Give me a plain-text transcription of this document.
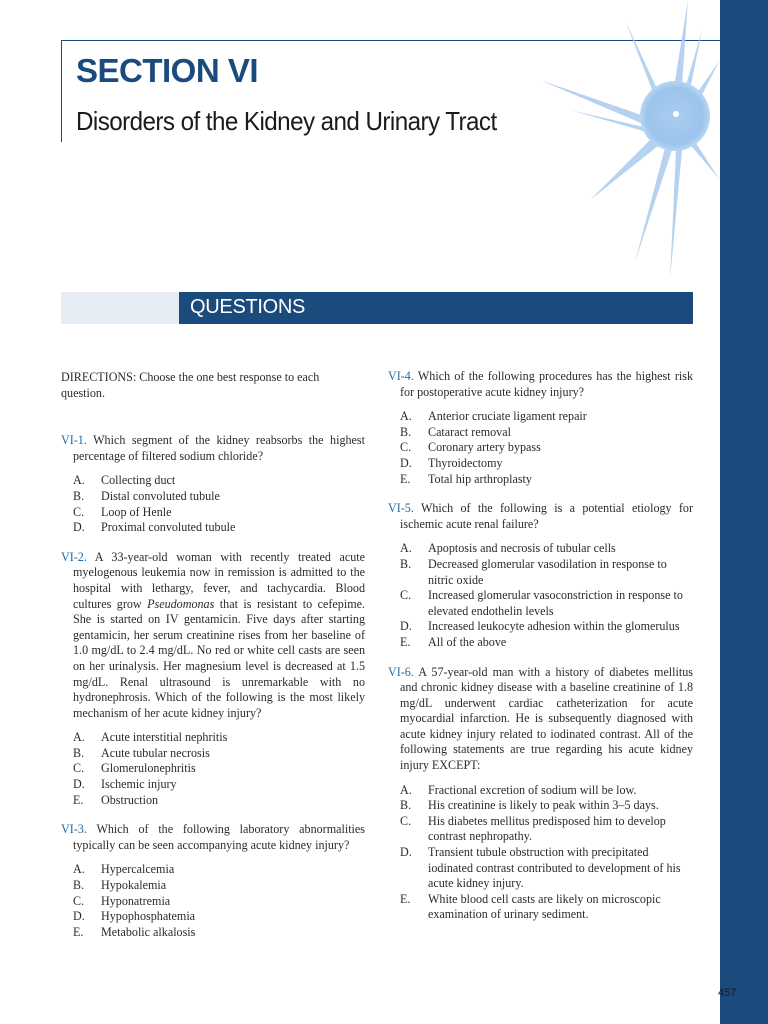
SECTION VI
Disorders of the Kidney and Urinary Tract
QUESTIONS

DIRECTIONS: Choose the one best response to each question.

VI-1. Which segment of the kidney reabsorbs the highest percentage of filtered sodium chloride?

A.	Collecting duct
B.	Distal convoluted tubule
C.	Loop of Henle
D.	Proximal convoluted tubule

VI-2. A 33-year-old woman with recently treated acute myelogenous leukemia now in remission is admitted to the hospital with lethargy, fever, and tachycardia. Blood cultures grow Pseudomonas that is resistant to cefepime. She is started on IV gentamicin. Five days after starting gentamicin, her serum creatinine rises from her baseline of 1.0 mg/dL to 2.4 mg/dL. No red or white cell casts are seen on her urinalysis. Her magnesium level is decreased at 1.5 mg/dL. Renal ultrasound is unremarkable with no hydronephrosis. Which of the following is the most likely mechanism of her acute kidney injury?

A.	Acute interstitial nephritis
B.	Acute tubular necrosis
C.	Glomerulonephritis
D.	Ischemic injury
E.	Obstruction

VI-3. Which of the following laboratory abnormalities typically can be seen accompanying acute kidney injury?

A.	Hypercalcemia
B.	Hypokalemia
C.	Hyponatremia
D.	Hypophosphatemia
E.	Metabolic alkalosis

VI-4. Which of the following procedures has the highest risk for postoperative acute kidney injury?

A.	Anterior cruciate ligament repair
B.	Cataract removal
C.	Coronary artery bypass
D.	Thyroidectomy
E.	Total hip arthroplasty

VI-5. Which of the following is a potential etiology for ischemic acute renal failure?

A.	Apoptosis and necrosis of tubular cells
B.	Decreased glomerular vasodilation in response to nitric oxide
C.	Increased glomerular vasoconstriction in response to elevated endothelin levels
D.	Increased leukocyte adhesion within the glomerulus
E.	All of the above

VI-6. A 57-year-old man with a history of diabetes mellitus and chronic kidney disease with a baseline creatinine of 1.8 mg/dL underwent cardiac catheterization for acute myocardial infarction. He is subsequently diagnosed with acute kidney injury related to iodinated contrast. All of the following statements are true regarding his acute kidney injury EXCEPT:

A.	Fractional excretion of sodium will be low.
B.	His creatinine is likely to peak within 3–5 days.
C.	His diabetes mellitus predisposed him to develop contrast nephropathy.
D.	Transient tubule obstruction with precipitated iodinated contrast contributed to development of his acute kidney injury.
E.	White blood cell casts are likely on microscopic examination of urinary sediment.
457
